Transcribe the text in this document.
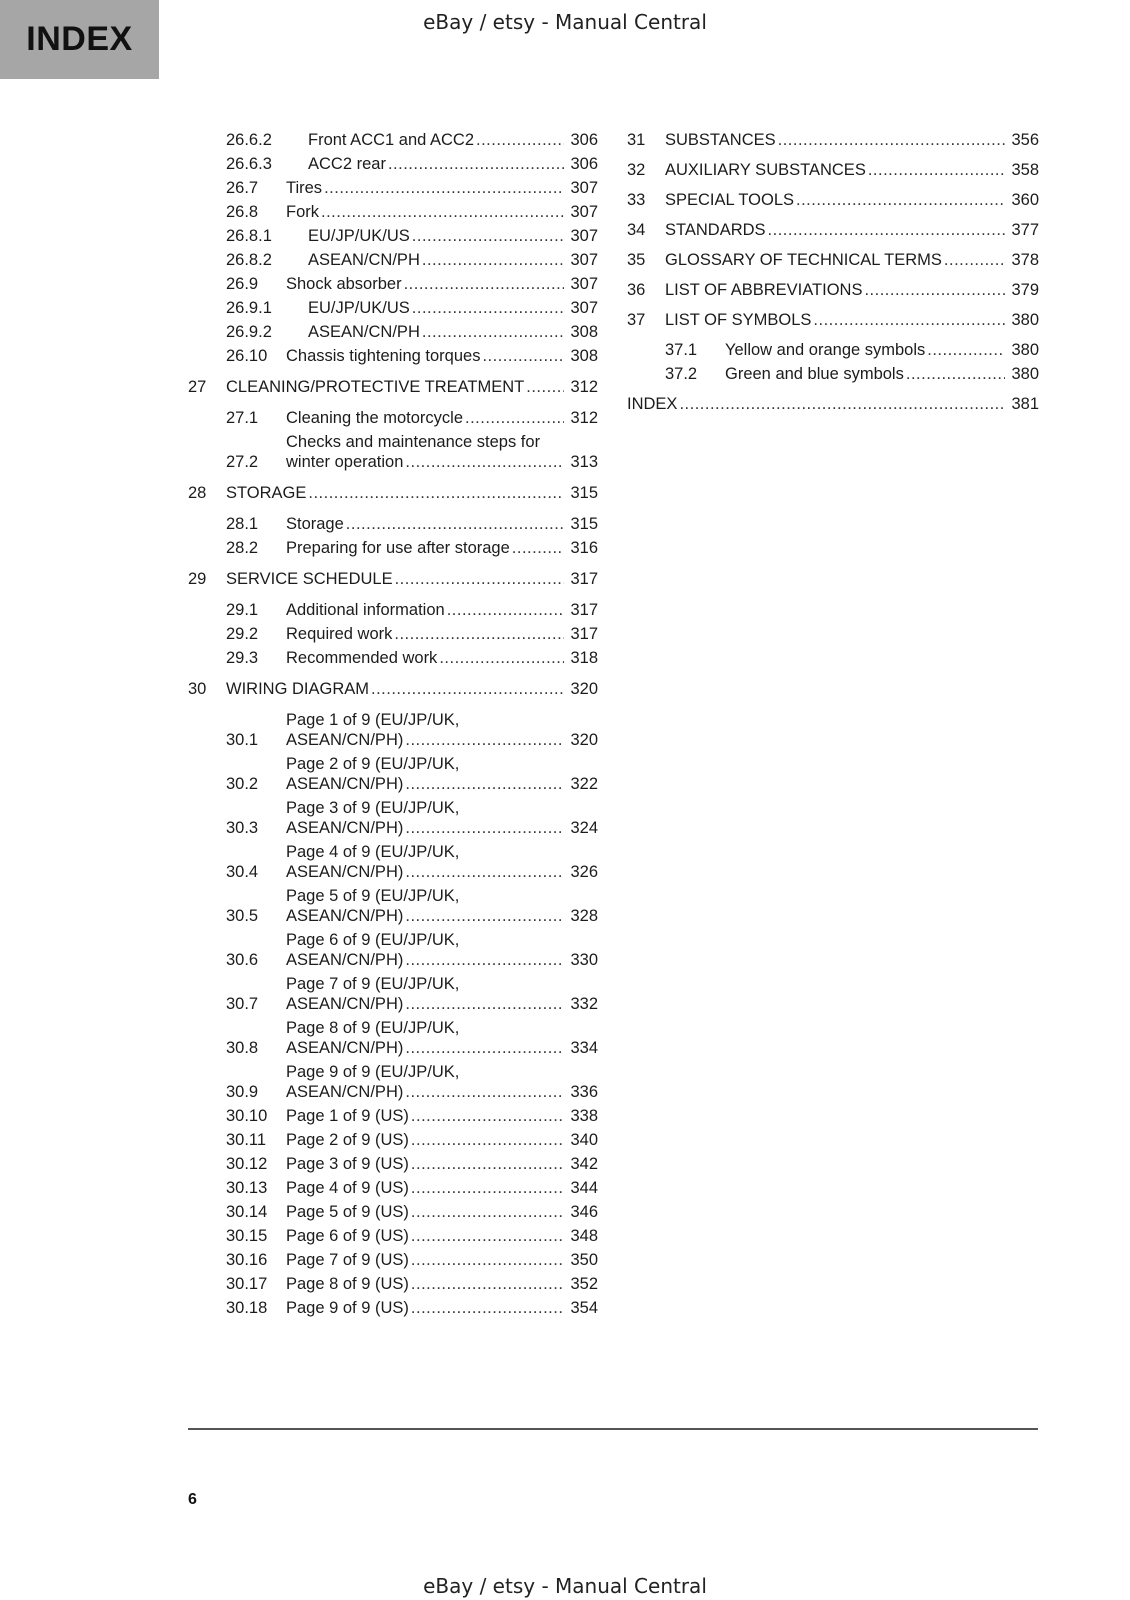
INDEX	eBay / etsy - Manual Central
26.6.2	Front ACC1 and ACC2 .....	306
26.6.3	ACC2 rear .....	306
26.7	Tires .....	307
26.8	Fork .....	307
26.8.1	EU/JP/UK/US .....	307
26.8.2	ASEAN/CN/PH .....	307
26.9	Shock absorber .....	307
26.9.1	EU/JP/UK/US .....	307
26.9.2	ASEAN/CN/PH .....	308
26.10	Chassis tightening torques .....	308
27	CLEANING/PROTECTIVE TREATMENT .....	312
27.1	Cleaning the motorcycle .....	312
27.2
Checks and maintenance steps for
winter operation .....	313
28	STORAGE .....	315
28.1	Storage .....	315
28.2	Preparing for use after storage .....	316
29	SERVICE SCHEDULE .....	317
29.1	Additional information .....	317
29.2	Required work .....	317
29.3	Recommended work .....	318
30	WIRING DIAGRAM .....	320
30.1
Page 1 of 9 (EU/JP/UK,
ASEAN/CN/PH) .....	320
30.2
Page 2 of 9 (EU/JP/UK,
ASEAN/CN/PH) .....	322
30.3
Page 3 of 9 (EU/JP/UK,
ASEAN/CN/PH) .....	324
30.4
Page 4 of 9 (EU/JP/UK,
ASEAN/CN/PH) .....	326
30.5
Page 5 of 9 (EU/JP/UK,
ASEAN/CN/PH) .....	328
30.6
Page 6 of 9 (EU/JP/UK,
ASEAN/CN/PH) .....	330
30.7
Page 7 of 9 (EU/JP/UK,
ASEAN/CN/PH) .....	332
30.8
Page 8 of 9 (EU/JP/UK,
ASEAN/CN/PH) .....	334
30.9
Page 9 of 9 (EU/JP/UK,
ASEAN/CN/PH) .....	336
30.10	Page 1 of 9 (US) .....	338
30.11	Page 2 of 9 (US) .....	340
30.12	Page 3 of 9 (US) .....	342
30.13	Page 4 of 9 (US) .....	344
30.14	Page 5 of 9 (US) .....	346
30.15	Page 6 of 9 (US) .....	348
30.16	Page 7 of 9 (US) .....	350
30.17	Page 8 of 9 (US) .....	352
30.18	Page 9 of 9 (US) .....	354
31	SUBSTANCES .....	356
32	AUXILIARY SUBSTANCES .....	358
33	SPECIAL TOOLS .....	360
34	STANDARDS .....	377
35	GLOSSARY OF TECHNICAL TERMS .....	378
36	LIST OF ABBREVIATIONS .....	379
37	LIST OF SYMBOLS .....	380
37.1	Yellow and orange symbols .....	380
37.2	Green and blue symbols .....	380
INDEX .....	381
6
eBay / etsy - Manual Central
